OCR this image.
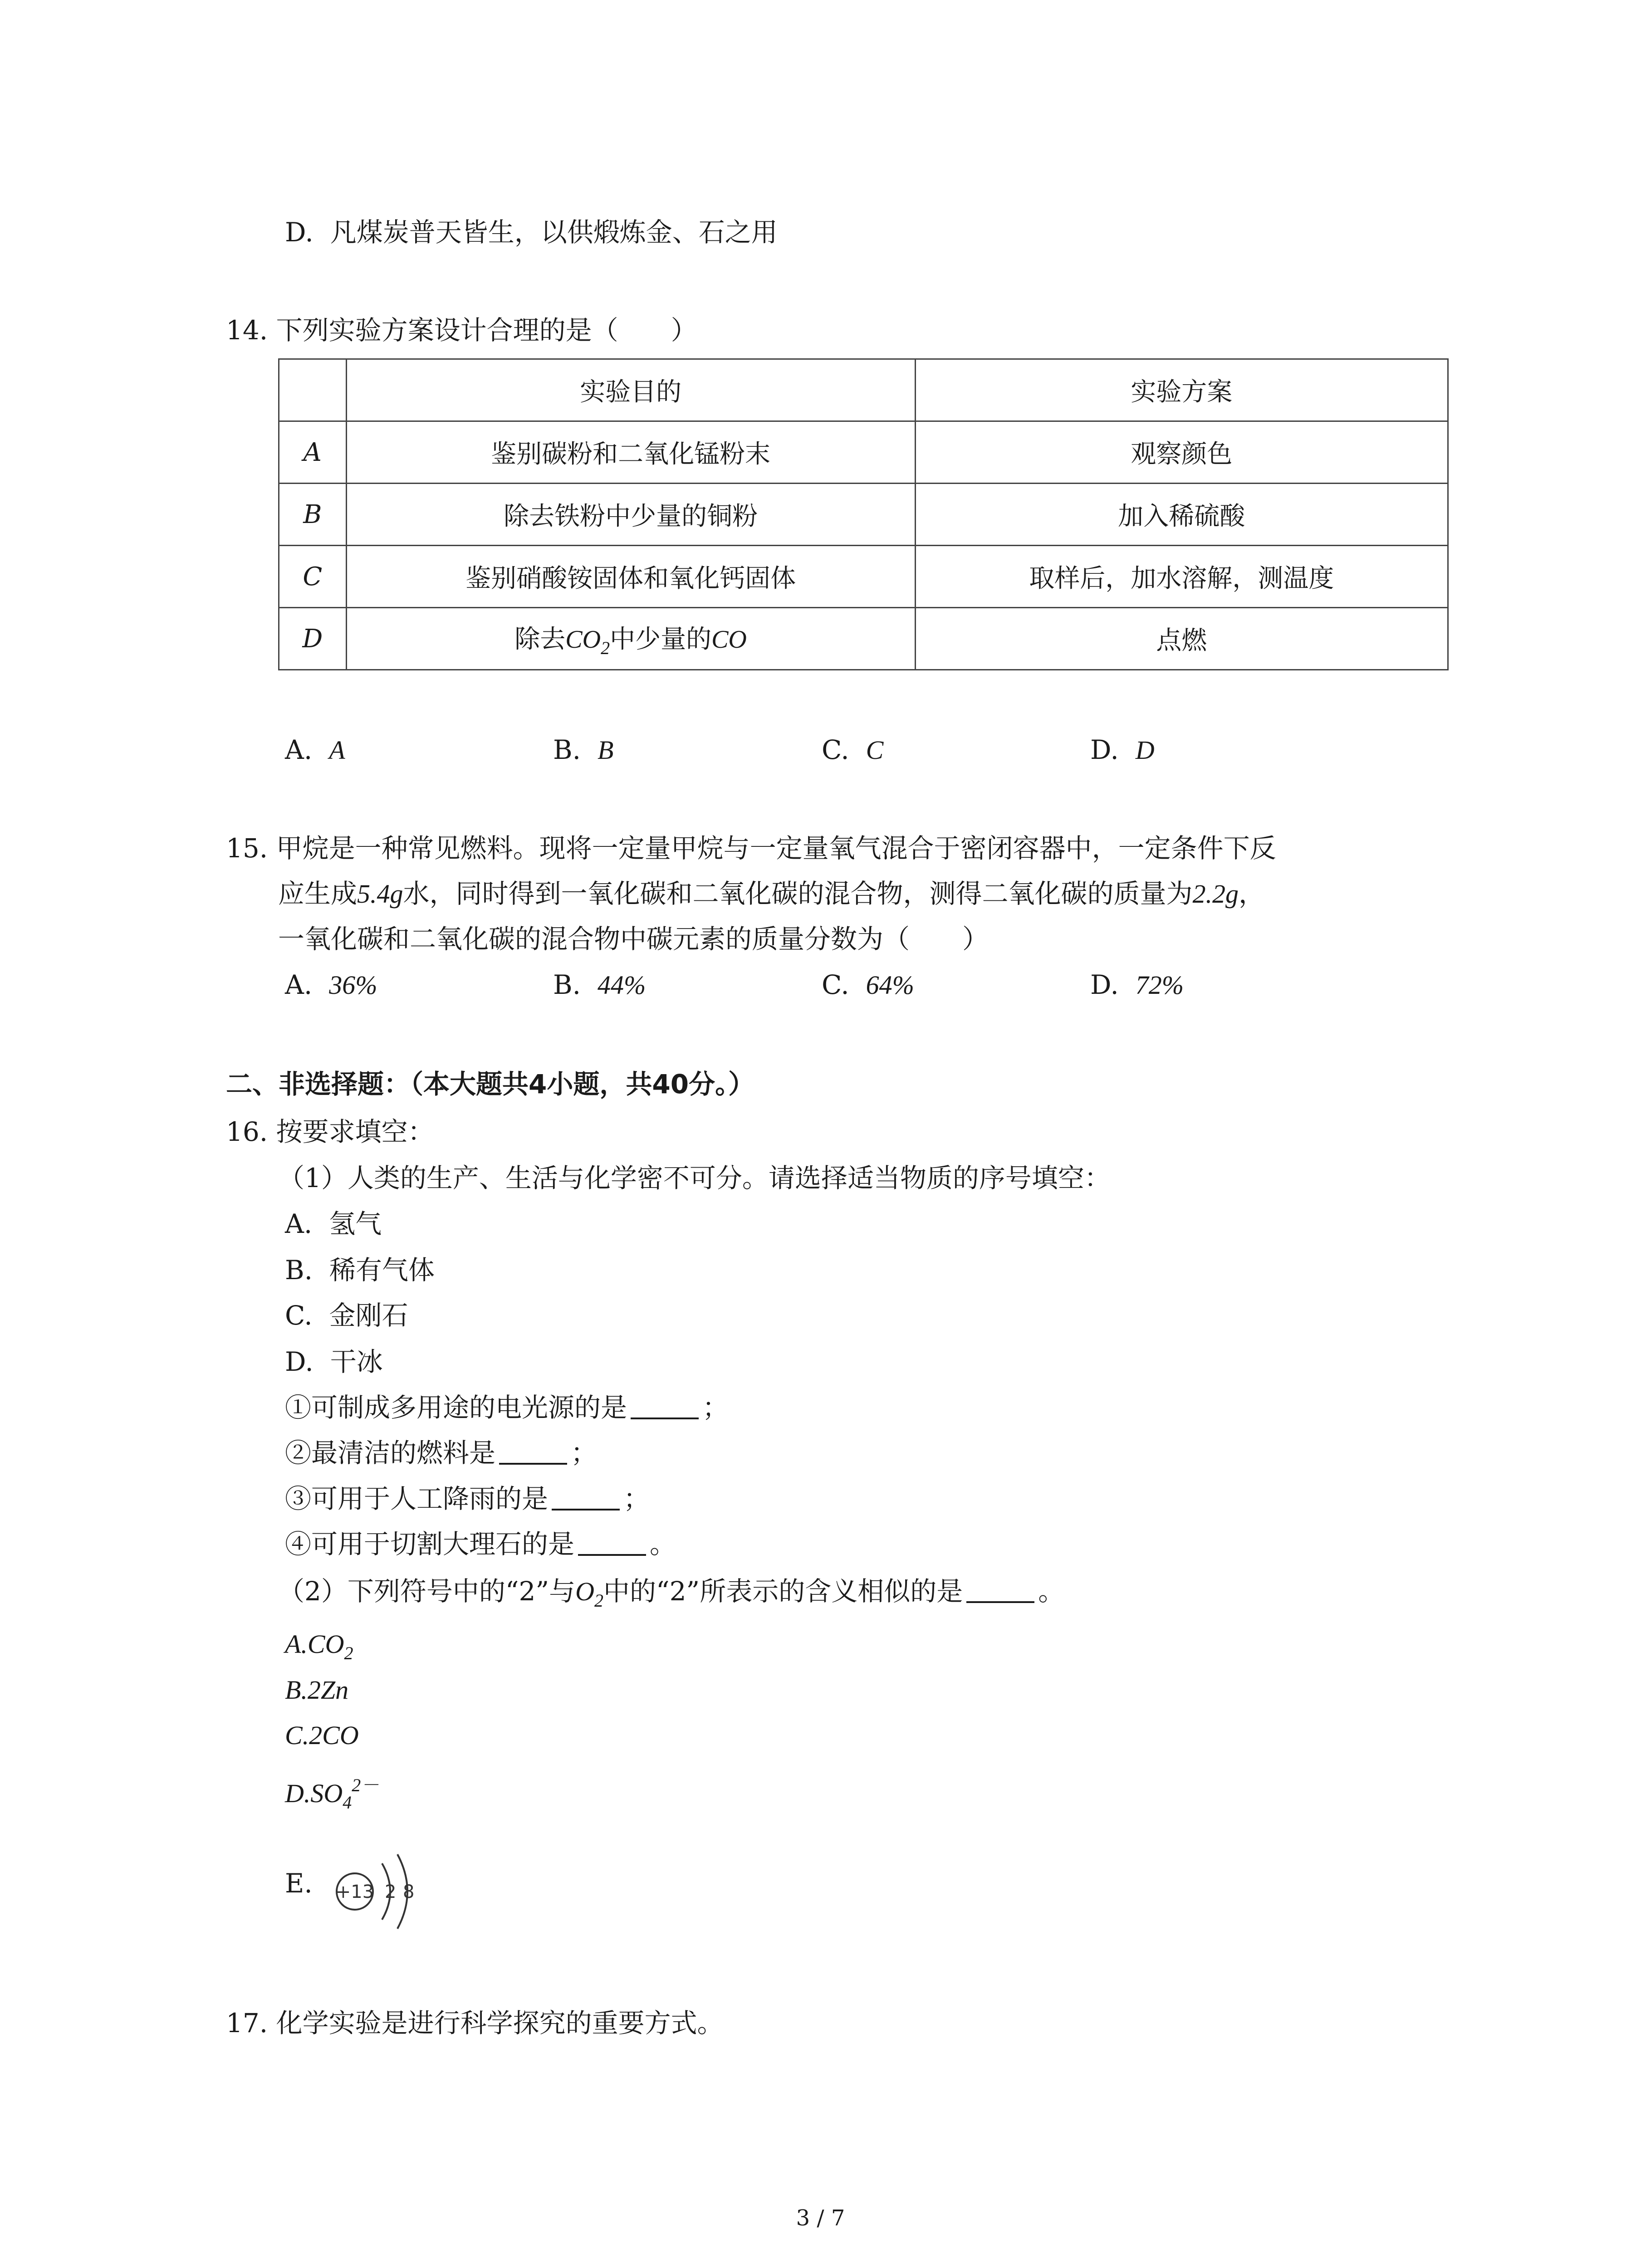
D. 凡煤炭普天皆生，以供煅炼金、石之用
14. 下列实验方案设计合理的是（　　）
	实验目的	实验方案
A	鉴别碳粉和二氧化锰粉末	观察颜色
B	除去铁粉中少量的铜粉	加入稀硫酸
C	鉴别硝酸铵固体和氧化钙固体	取样后，加水溶解，测温度
D	除去$CO_2$中少量的CO	点燃
A. A	B. B	C. C	D. D
15. 甲烷是一种常见燃料。现将一定量甲烷与一定量氧气混合于密闭容器中，一定条件下反
应生成5.4g水，同时得到一氧化碳和二氧化碳的混合物，测得二氧化碳的质量为2.2g，
一氧化碳和二氧化碳的混合物中碳元素的质量分数为（　　）
A. 36%	B. 44%	C. 64%	D. 72%
二、非选择题：（本大题共4小题，共40分。）
16. 按要求填空：
（1）人类的生产、生活与化学密不可分。请选择适当物质的序号填空：
A. 氢气
B. 稀有气体
C. 金刚石
D. 干冰
①可制成多用途的电光源的是	；
②最清洁的燃料是	；
③可用于人工降雨的是	；
④可用于切割大理石的是	。
（2）下列符号中的“2”与$O_2$中的“2”所表示的含义相似的是	。
$A.CO_2$
B.2Zn
C.2CO
$D.SO_4^{2-}$
E. +13 2 8
17. 化学实验是进行科学探究的重要方式。
3 / 7
